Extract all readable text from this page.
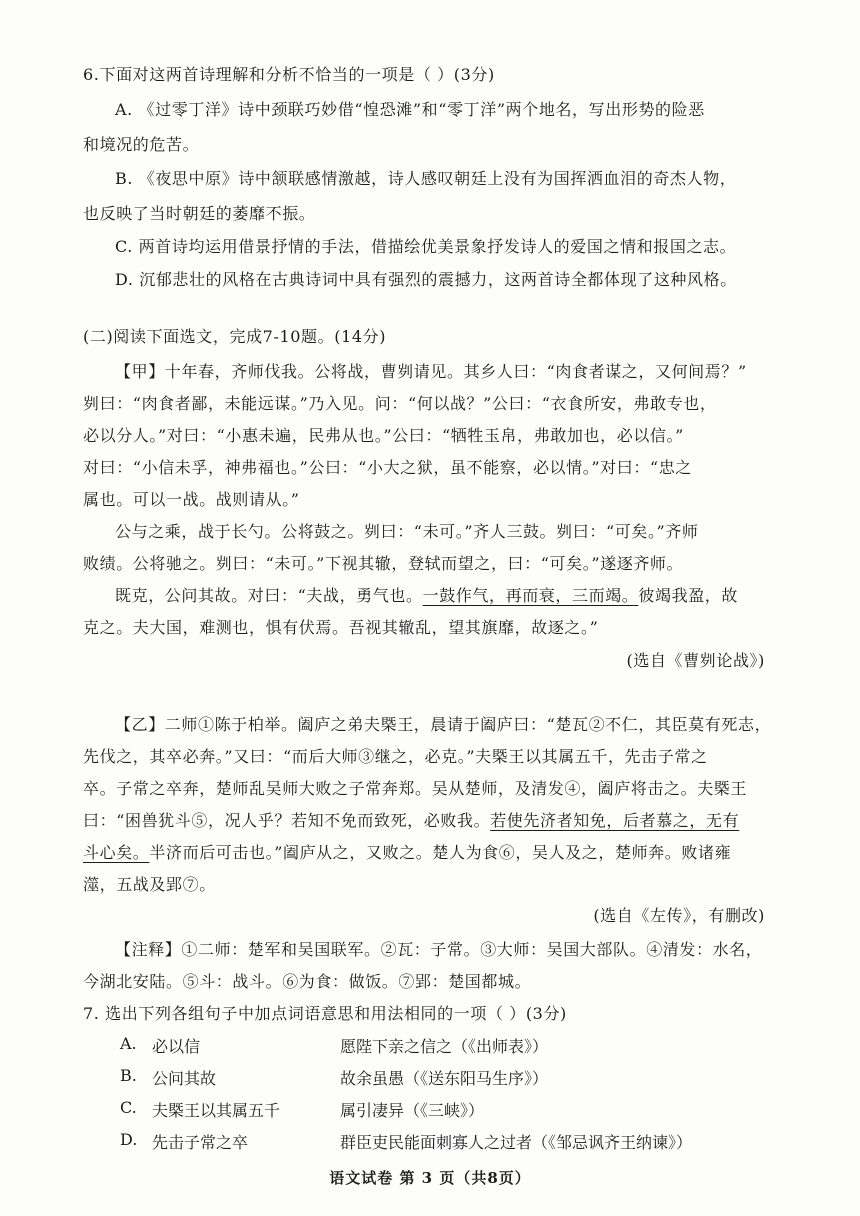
6.下面对这两首诗理解和分析不恰当的一项是（ ）(3分)
A. 《过零丁洋》诗中颈联巧妙借“惶恐滩”和“零丁洋”两个地名，写出形势的险恶
和境况的危苦。
B. 《夜思中原》诗中颔联感情激越，诗人感叹朝廷上没有为国挥洒血泪的奇杰人物，
也反映了当时朝廷的萎靡不振。
C. 两首诗均运用借景抒情的手法，借描绘优美景象抒发诗人的爱国之情和报国之志。
D. 沉郁悲壮的风格在古典诗词中具有强烈的震撼力，这两首诗全都体现了这种风格。
(二)阅读下面选文，完成7-10题。(14分)
【甲】十年春，齐师伐我。公将战，曹刿请见。其乡人曰：“肉食者谋之，又何间焉？”
刿曰：“肉食者鄙，未能远谋。”乃入见。问：“何以战？”公曰：“衣食所安，弗敢专也，
必以分人。”对曰：“小惠未遍，民弗从也。”公曰：“牺牲玉帛，弗敢加也，必以信。”
对曰：“小信未孚，神弗福也。”公曰：“小大之狱，虽不能察，必以情。”对曰：“忠之
属也。可以一战。战则请从。”
公与之乘，战于长勺。公将鼓之。刿曰：“未可。”齐人三鼓。刿曰：“可矣。”齐师
败绩。公将驰之。刿曰：“未可。”下视其辙，登轼而望之，曰：“可矣。”遂逐齐师。
既克，公问其故。对曰：“夫战，勇气也。一鼓作气，再而衰，三而竭。彼竭我盈，故
克之。夫大国，难测也，惧有伏焉。吾视其辙乱，望其旗靡，故逐之。”
(选自《曹刿论战》)
【乙】二师①陈于柏举。阖庐之弟夫槩王，晨请于阖庐曰：“楚瓦②不仁，其臣莫有死志，
先伐之，其卒必奔。”又曰：“而后大师③继之，必克。”夫槩王以其属五千，先击子常之
卒。子常之卒奔，楚师乱吴师大败之子常奔郑。吴从楚师，及清发④，阖庐将击之。夫槩王
曰：“困兽犹斗⑤，况人乎？若知不免而致死，必败我。若使先济者知免，后者慕之，无有
斗心矣。半济而后可击也。”阖庐从之，又败之。楚人为食⑥，吴人及之，楚师奔。败诸雍
澨，五战及郢⑦。
(选自《左传》，有删改)
【注释】①二师：楚军和吴国联军。②瓦：子常。③大师：吴国大部队。④清发：水名，
今湖北安陆。⑤斗：战斗。⑥为食：做饭。⑦郢：楚国都城。
7. 选出下列各组句子中加点词语意思和用法相同的一项（ ）(3分)
A. 必以信	愿陛下亲之信之（《出师表》）
B. 公问其故	故余虽愚（《送东阳马生序》）
C. 夫槩王以其属五千	属引凄异（《三峡》）
D. 先击子常之卒	群臣吏民能面刺寡人之过者（《邹忌讽齐王纳谏》）
语文试卷 第 3 页（共8页）
